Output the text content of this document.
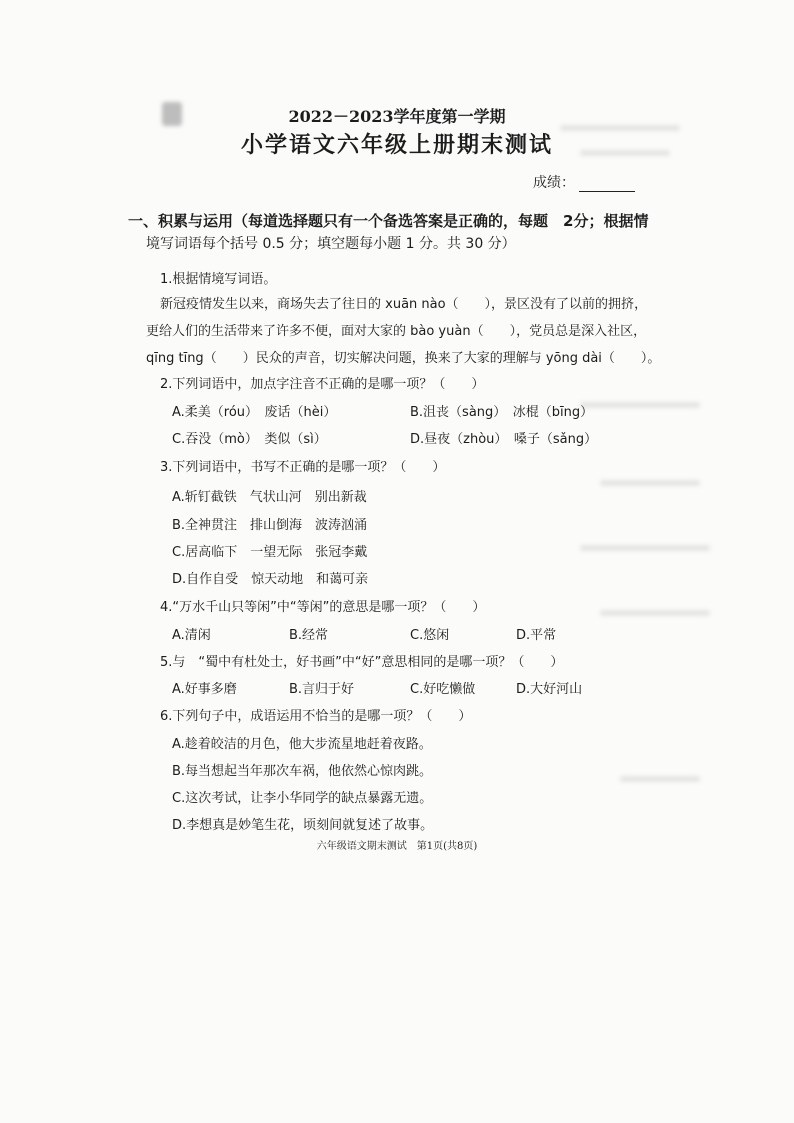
2022－2023学年度第一学期
小学语文六年级上册期末测试
成绩：
一、积累与运用（每道选择题只有一个备选答案是正确的，每题　2分；根据情
境写词语每个括号 0.5 分；填空题每小题 1 分。共 30 分）
1.根据情境写词语。
新冠疫情发生以来，商场失去了往日的 xuān nào（　　），景区没有了以前的拥挤，
更给人们的生活带来了许多不便，面对大家的 bào yuàn（　　），党员总是深入社区，
qīng tīng（　　）民众的声音，切实解决问题，换来了大家的理解与 yōng dài（　　）。
2.下列词语中，加点字注音不正确的是哪一项？（　　）
A.柔美（róu）　废话（hèi）	B.沮丧（sàng）　冰棍（bīng）
C.吞没（mò）　类似（sì）	D.昼夜（zhòu）　嗓子（sǎng）
3.下列词语中，书写不正确的是哪一项？（　　）
A.斩钉截铁　气状山河　别出新裁
B.全神贯注　排山倒海　波涛汹涌
C.居高临下　一望无际　张冠李戴
D.自作自受　惊天动地　和蔼可亲
4.“万水千山只等闲”中“等闲”的意思是哪一项？（　　）
A.清闲	B.经常	C.悠闲	D.平常
5.与　“蜀中有杜处士，好书画”中“好”意思相同的是哪一项？（　　）
A.好事多磨	B.言归于好	C.好吃懒做	D.大好河山
6.下列句子中，成语运用不恰当的是哪一项？（　　）
A.趁着皎洁的月色，他大步流星地赶着夜路。
B.每当想起当年那次车祸，他依然心惊肉跳。
C.这次考试，让李小华同学的缺点暴露无遗。
D.李想真是妙笔生花，顷刻间就复述了故事。
六年级语文期末测试　第1页(共8页)
